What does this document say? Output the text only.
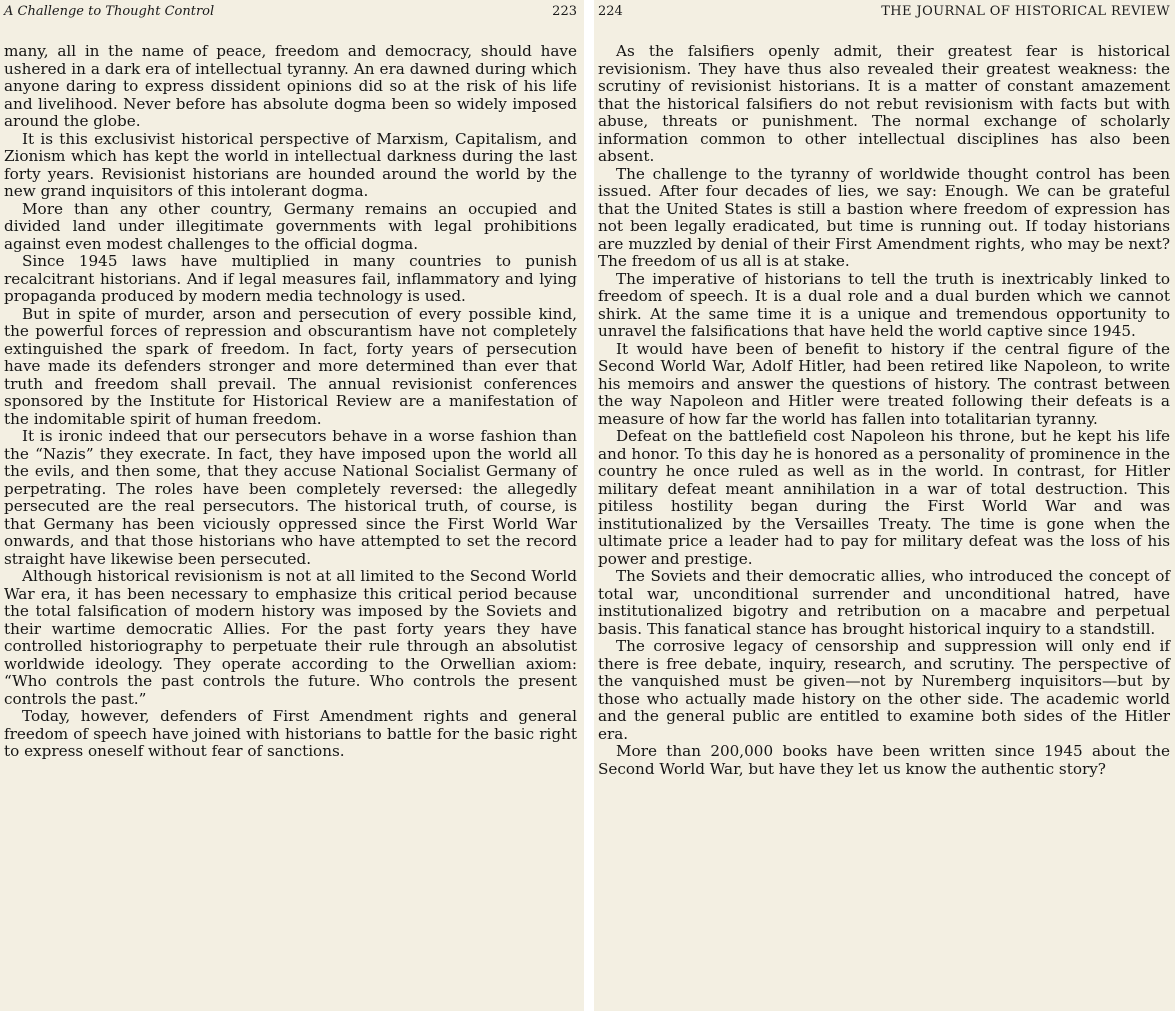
A Challenge to Thought Control	223

many, all in the name of peace, freedom and democracy, should have ushered in a dark era of intellectual tyranny. An era dawned during which anyone daring to express dissident opinions did so at the risk of his life and livelihood. Never before has absolute dogma been so widely imposed around the globe.

It is this exclusivist historical perspective of Marxism, Capitalism, and Zionism which has kept the world in intellectual darkness during the last forty years. Revisionist historians are hounded around the world by the new grand inquisitors of this intolerant dogma.

More than any other country, Germany remains an occupied and divided land under illegitimate governments with legal prohibitions against even modest challenges to the official dogma.

Since 1945 laws have multiplied in many countries to punish recalcitrant historians. And if legal measures fail, inflammatory and lying propaganda produced by modern media technology is used.

But in spite of murder, arson and persecution of every possible kind, the powerful forces of repression and obscurantism have not completely extinguished the spark of freedom. In fact, forty years of persecution have made its defenders stronger and more determined than ever that truth and freedom shall prevail. The annual revisionist conferences sponsored by the Institute for Historical Review are a manifestation of the indomitable spirit of human freedom.

It is ironic indeed that our persecutors behave in a worse fashion than the “Nazis” they execrate. In fact, they have imposed upon the world all the evils, and then some, that they accuse National Socialist Germany of perpetrating. The roles have been completely reversed: the allegedly persecuted are the real persecutors. The historical truth, of course, is that Germany has been viciously oppressed since the First World War onwards, and that those historians who have attempted to set the record straight have likewise been persecuted.

Although historical revisionism is not at all limited to the Second World War era, it has been necessary to emphasize this critical period because the total falsification of modern history was imposed by the Soviets and their wartime democratic Allies. For the past forty years they have controlled historiography to perpetuate their rule through an absolutist worldwide ideology. They operate according to the Orwellian axiom: “Who controls the past controls the future. Who controls the present controls the past.”

Today, however, defenders of First Amendment rights and general freedom of speech have joined with historians to battle for the basic right to express oneself without fear of sanctions.

224	THE JOURNAL OF HISTORICAL REVIEW

As the falsifiers openly admit, their greatest fear is historical revisionism. They have thus also revealed their greatest weakness: the scrutiny of revisionist historians. It is a matter of constant amazement that the historical falsifiers do not rebut revisionism with facts but with abuse, threats or punishment. The normal exchange of scholarly information common to other intellectual disciplines has also been absent.

The challenge to the tyranny of worldwide thought control has been issued. After four decades of lies, we say: Enough. We can be grateful that the United States is still a bastion where freedom of expression has not been legally eradicated, but time is running out. If today historians are muzzled by denial of their First Amendment rights, who may be next? The freedom of us all is at stake.

The imperative of historians to tell the truth is inextricably linked to freedom of speech. It is a dual role and a dual burden which we cannot shirk. At the same time it is a unique and tremendous opportunity to unravel the falsifications that have held the world captive since 1945.

It would have been of benefit to history if the central figure of the Second World War, Adolf Hitler, had been retired like Napoleon, to write his memoirs and answer the questions of history. The contrast between the way Napoleon and Hitler were treated following their defeats is a measure of how far the world has fallen into totalitarian tyranny.

Defeat on the battlefield cost Napoleon his throne, but he kept his life and honor. To this day he is honored as a personality of prominence in the country he once ruled as well as in the world. In contrast, for Hitler military defeat meant annihilation in a war of total destruction. This pitiless hostility began during the First World War and was institutionalized by the Versailles Treaty. The time is gone when the ultimate price a leader had to pay for military defeat was the loss of his power and prestige.

The Soviets and their democratic allies, who introduced the concept of total war, unconditional surrender and unconditional hatred, have institutionalized bigotry and retribution on a macabre and perpetual basis. This fanatical stance has brought historical inquiry to a standstill.

The corrosive legacy of censorship and suppression will only end if there is free debate, inquiry, research, and scrutiny. The perspective of the vanquished must be given—not by Nuremberg inquisitors—but by those who actually made history on the other side. The academic world and the general public are entitled to examine both sides of the Hitler era.

More than 200,000 books have been written since 1945 about the Second World War, but have they let us know the authentic story?
